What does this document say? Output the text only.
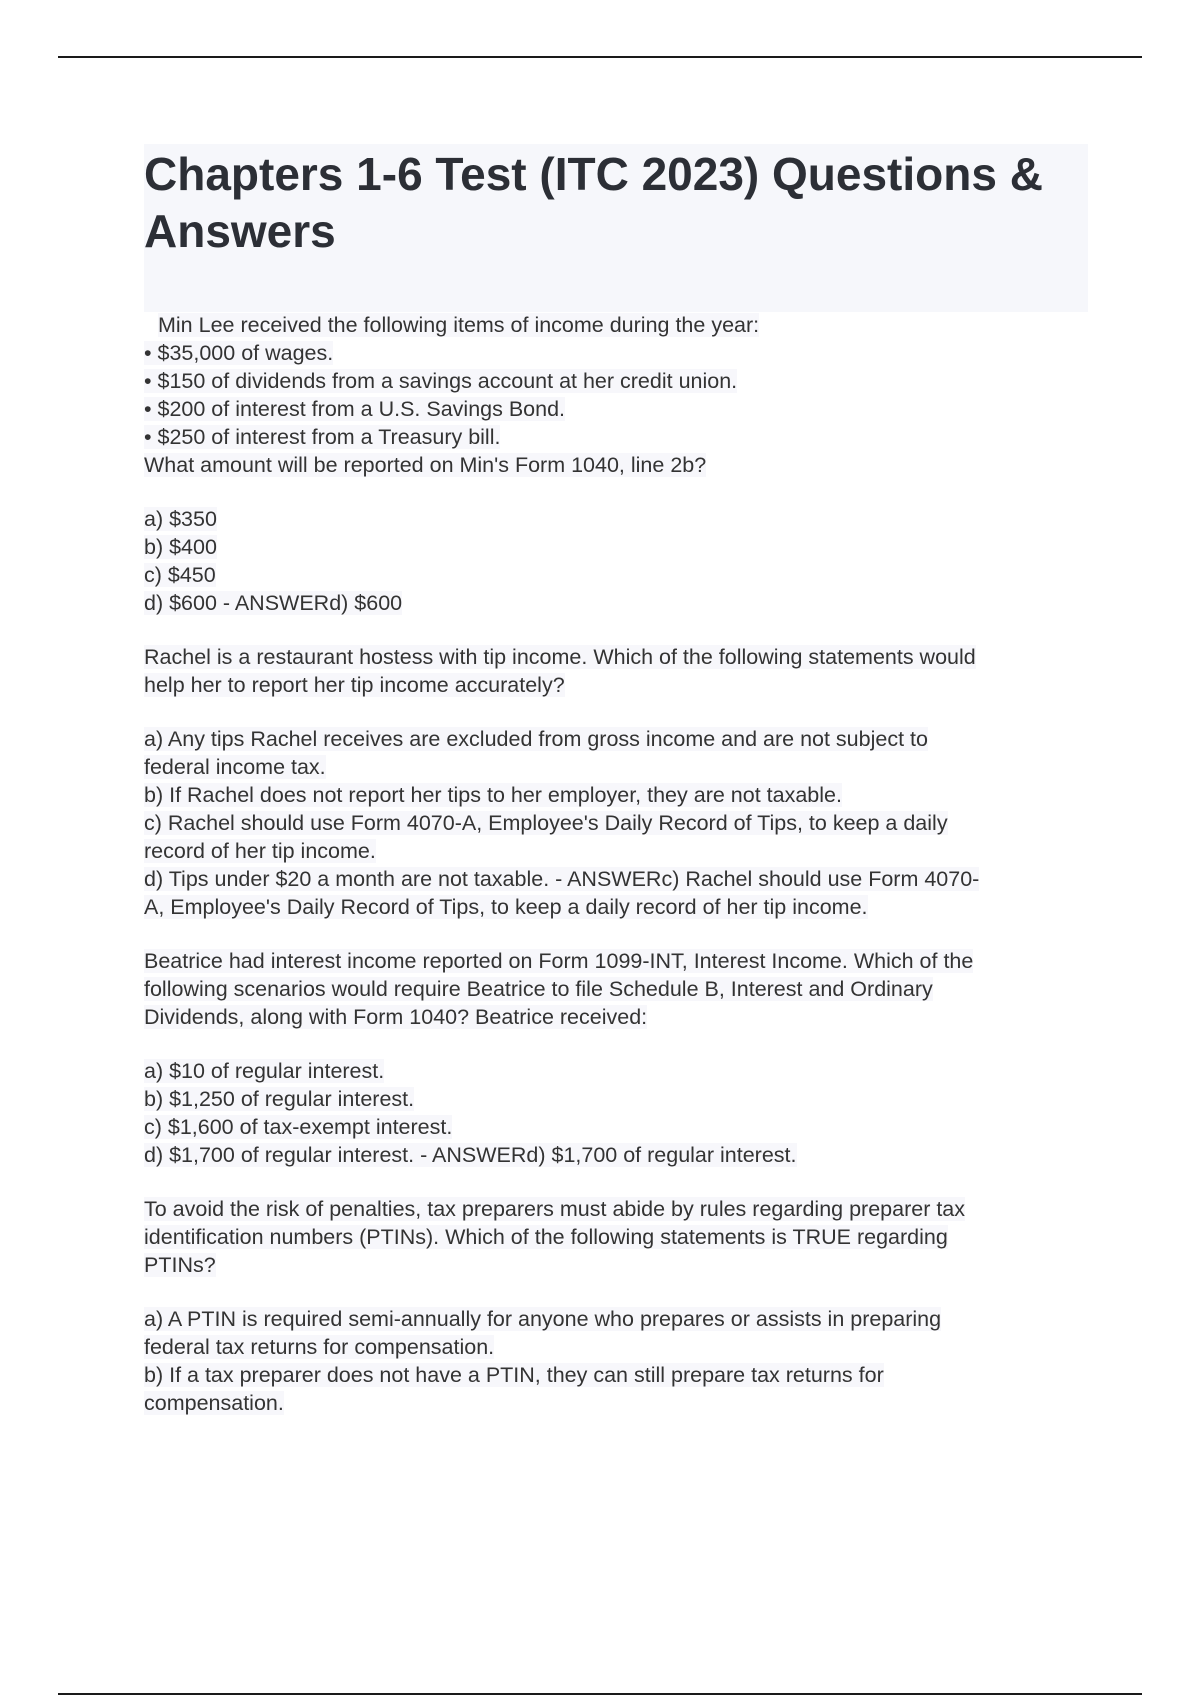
Chapters 1-6 Test (ITC 2023) Questions & Answers
Min Lee received the following items of income during the year:
• $35,000 of wages.
• $150 of dividends from a savings account at her credit union.
• $200 of interest from a U.S. Savings Bond.
• $250 of interest from a Treasury bill.
What amount will be reported on Min's Form 1040, line 2b?
a) $350
b) $400
c) $450
d) $600 - ANSWERd) $600
Rachel is a restaurant hostess with tip income. Which of the following statements would
help her to report her tip income accurately?
a) Any tips Rachel receives are excluded from gross income and are not subject to
federal income tax.
b) If Rachel does not report her tips to her employer, they are not taxable.
c) Rachel should use Form 4070-A, Employee's Daily Record of Tips, to keep a daily
record of her tip income.
d) Tips under $20 a month are not taxable. - ANSWERc) Rachel should use Form 4070-
A, Employee's Daily Record of Tips, to keep a daily record of her tip income.
Beatrice had interest income reported on Form 1099-INT, Interest Income. Which of the
following scenarios would require Beatrice to file Schedule B, Interest and Ordinary
Dividends, along with Form 1040? Beatrice received:
a) $10 of regular interest.
b) $1,250 of regular interest.
c) $1,600 of tax-exempt interest.
d) $1,700 of regular interest. - ANSWERd) $1,700 of regular interest.
To avoid the risk of penalties, tax preparers must abide by rules regarding preparer tax
identification numbers (PTINs). Which of the following statements is TRUE regarding
PTINs?
a) A PTIN is required semi-annually for anyone who prepares or assists in preparing
federal tax returns for compensation.
b) If a tax preparer does not have a PTIN, they can still prepare tax returns for
compensation.
